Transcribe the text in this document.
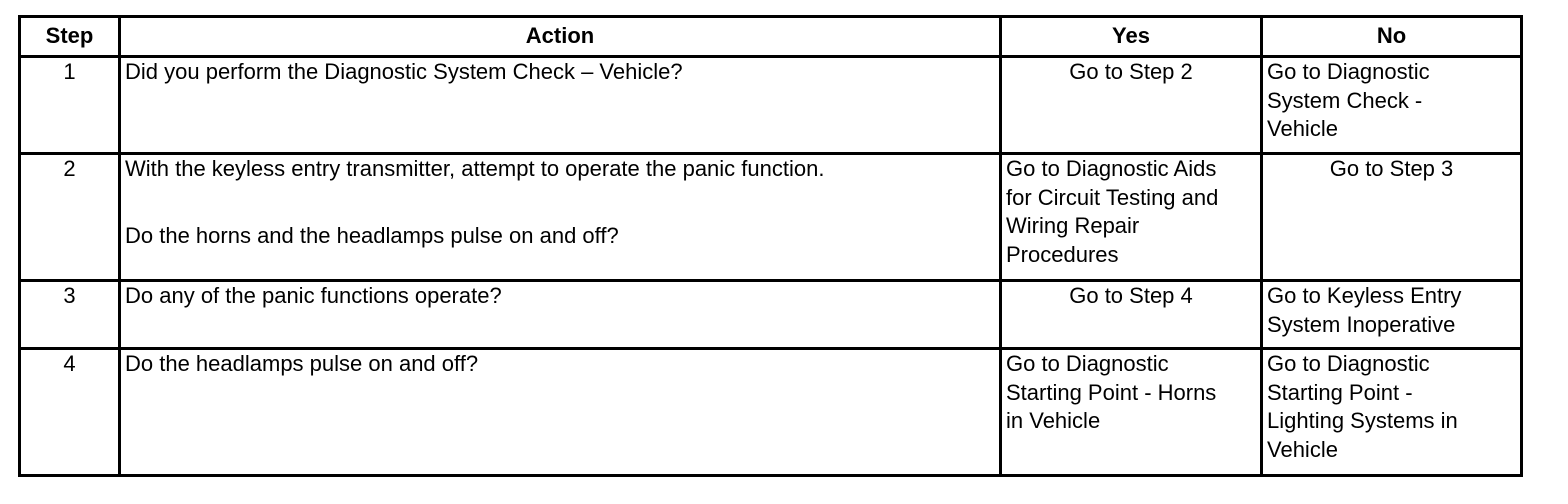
Step	Action	Yes	No
1	Did you perform the Diagnostic System Check – Vehicle?	Go to Step 2	Go to Diagnostic
System Check -
Vehicle

2	With the keyless entry transmitter, attempt to operate the panic function.
Do the horns and the headlamps pulse on and off?	Go to Diagnostic Aids
for Circuit Testing and
Wiring Repair
Procedures	Go to Step 3

3	Do any of the panic functions operate?	Go to Step 4	Go to Keyless Entry
System Inoperative

4	Do the headlamps pulse on and off?	Go to Diagnostic
Starting Point - Horns
in Vehicle	Go to Diagnostic
Starting Point -
Lighting Systems in
Vehicle
